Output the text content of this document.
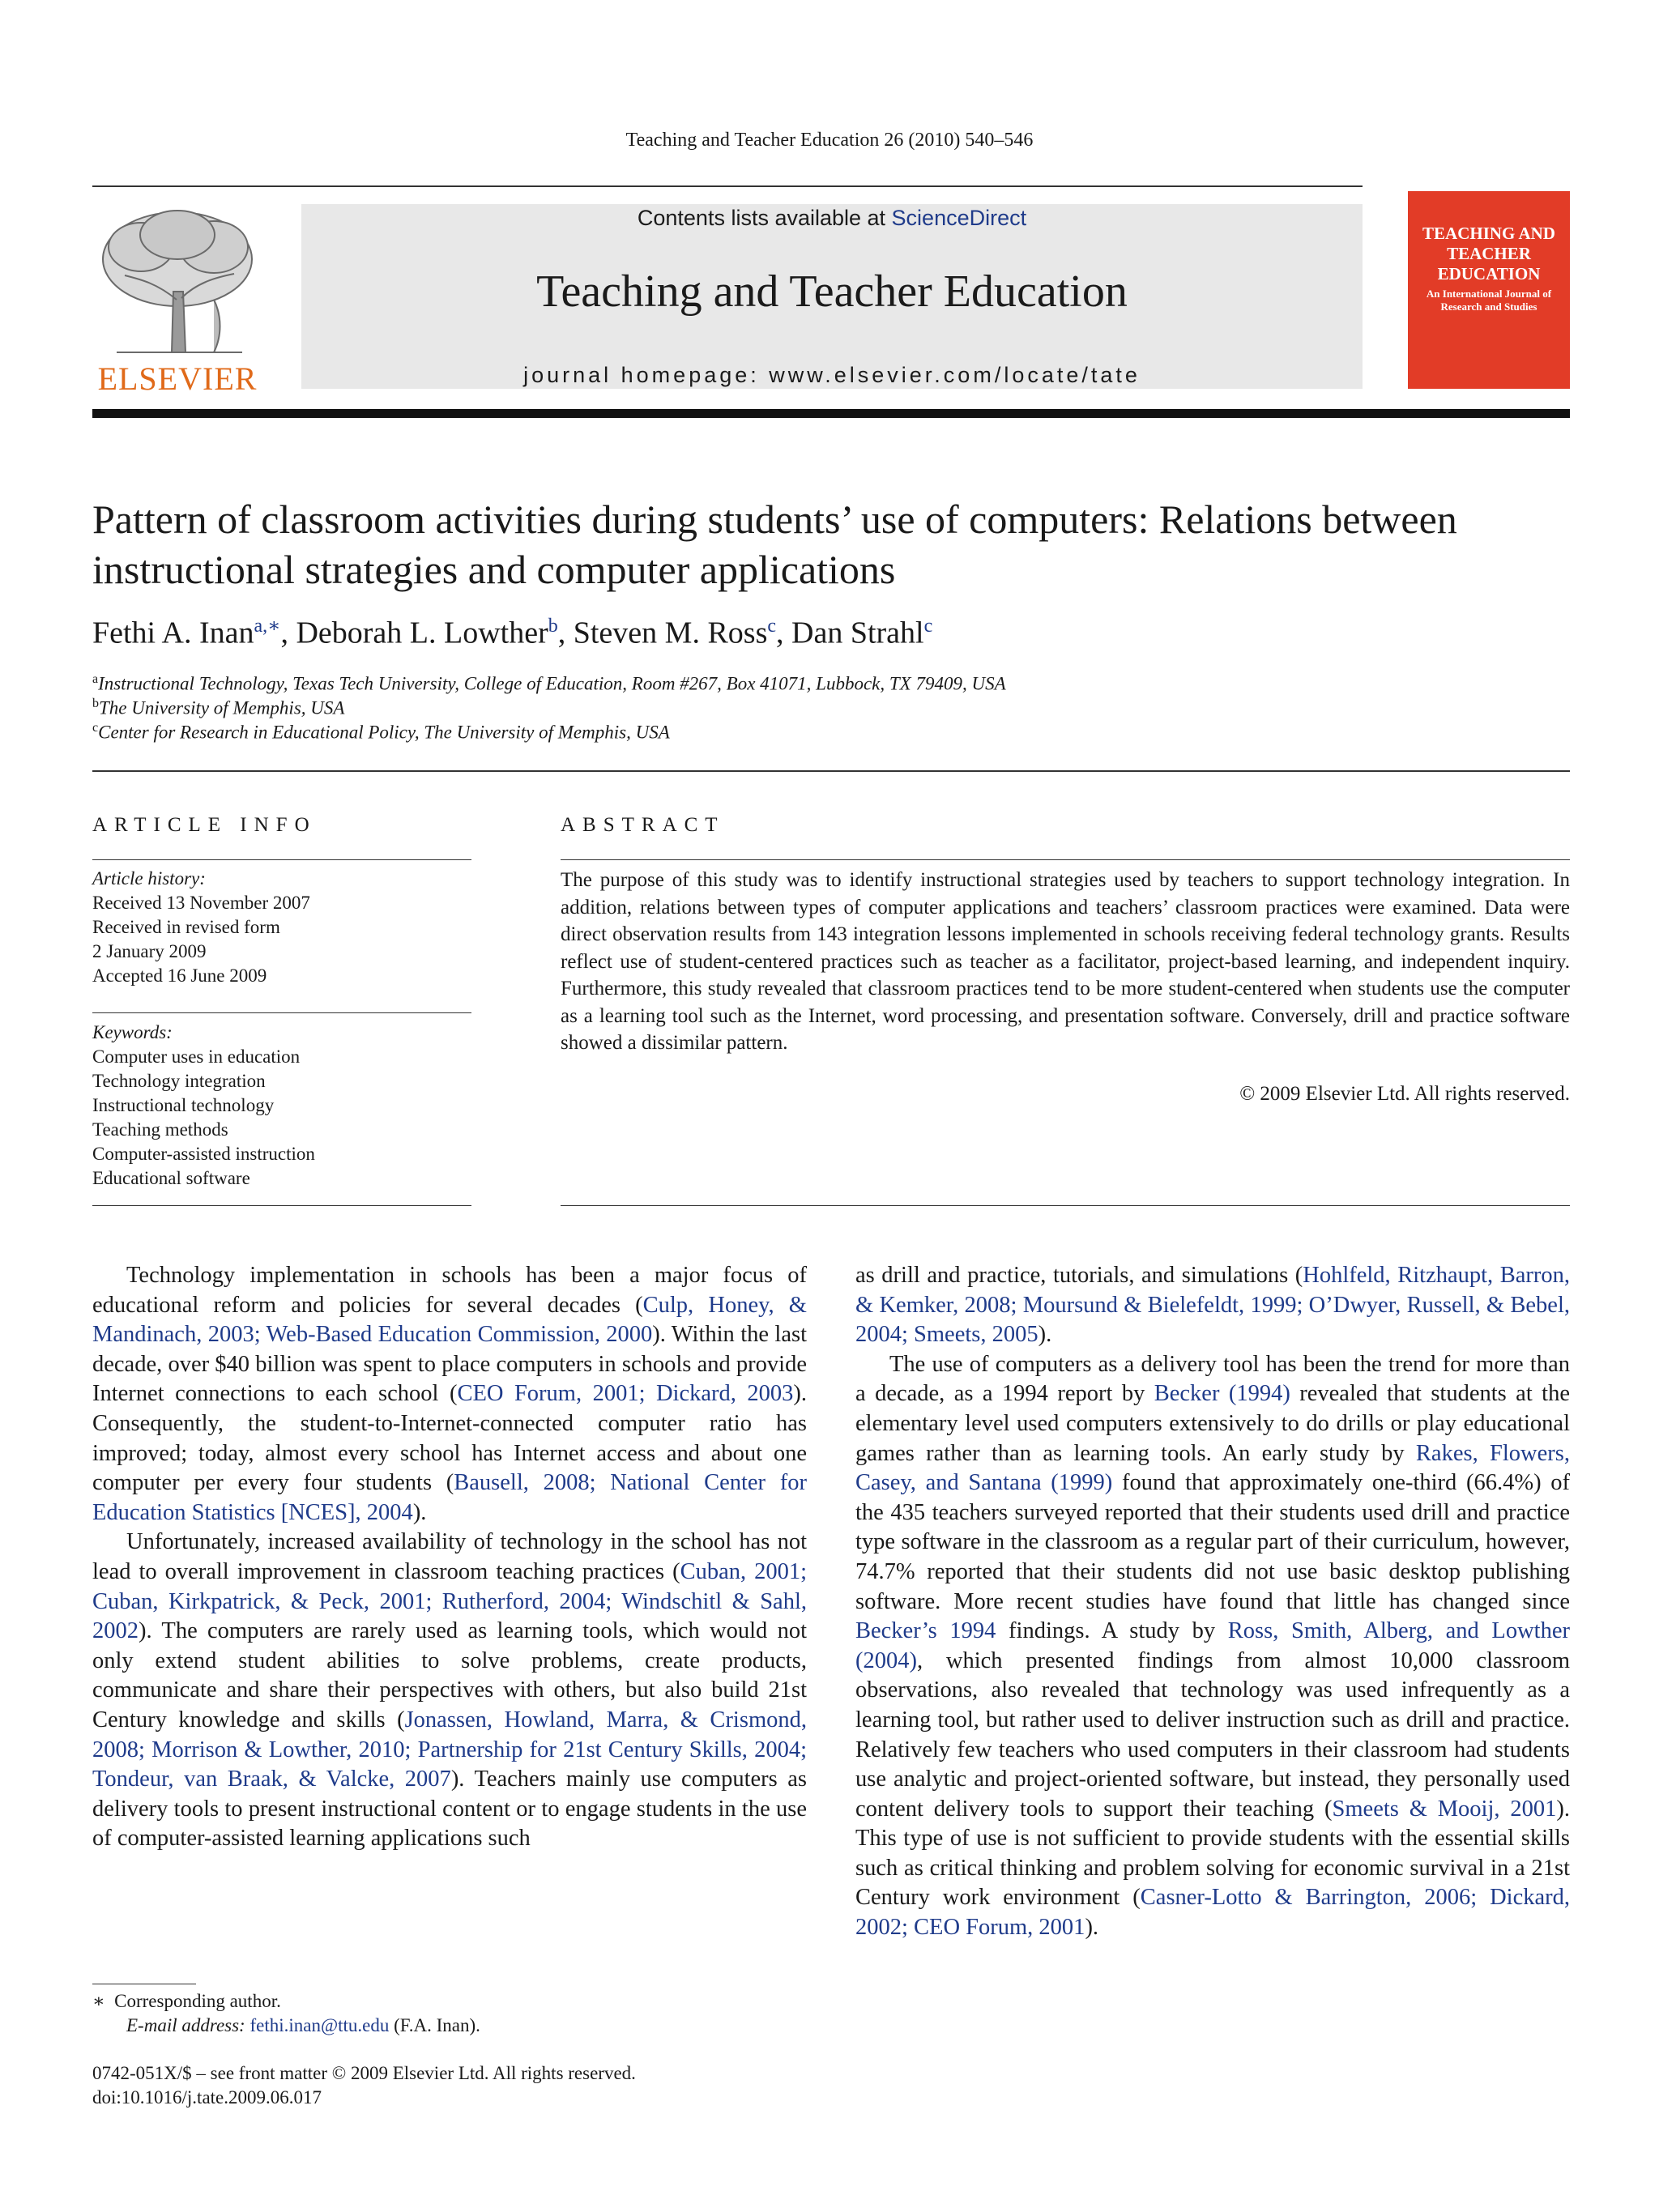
Teaching and Teacher Education 26 (2010) 540–546
ELSEVIER
Contents lists available at ScienceDirect
Teaching and Teacher Education
journal homepage: www.elsevier.com/locate/tate
TEACHING AND TEACHER EDUCATION
An International Journal of Research and Studies
Pattern of classroom activities during students’ use of computers: Relations between instructional strategies and computer applications
Fethi A. Inan$^{a,∗}$, Deborah L. Lowther$^b$, Steven M. Ross$^c$, Dan Strahl$^c$
$^a$Instructional Technology, Texas Tech University, College of Education, Room #267, Box 41071, Lubbock, TX 79409, USA
$^b$The University of Memphis, USA
$^c$Center for Research in Educational Policy, The University of Memphis, USA
ARTICLE INFO	ABSTRACT
Article history:
Received 13 November 2007
Received in revised form
2 January 2009
Accepted 16 June 2009
Keywords:
Computer uses in education
Technology integration
Instructional technology
Teaching methods
Computer-assisted instruction
Educational software
The purpose of this study was to identify instructional strategies used by teachers to support technology integration. In addition, relations between types of computer applications and teachers’ classroom practices were examined. Data were direct observation results from 143 integration lessons implemented in schools receiving federal technology grants. Results reflect use of student-centered practices such as teacher as a facilitator, project-based learning, and independent inquiry. Furthermore, this study revealed that classroom practices tend to be more student-centered when students use the computer as a learning tool such as the Internet, word processing, and presentation software. Conversely, drill and practice software showed a dissimilar pattern.
© 2009 Elsevier Ltd. All rights reserved.

Technology implementation in schools has been a major focus of educational reform and policies for several decades (Culp, Honey, & Mandinach, 2003; Web-Based Education Commission, 2000). Within the last decade, over $40 billion was spent to place computers in schools and provide Internet connections to each school (CEO Forum, 2001; Dickard, 2003). Consequently, the student-to-Internet-connected computer ratio has improved; today, almost every school has Internet access and about one computer per every four students (Bausell, 2008; National Center for Education Statistics [NCES], 2004).

Unfortunately, increased availability of technology in the school has not lead to overall improvement in classroom teaching practices (Cuban, 2001; Cuban, Kirkpatrick, & Peck, 2001; Rutherford, 2004; Windschitl & Sahl, 2002). The computers are rarely used as learning tools, which would not only extend student abilities to solve problems, create products, communicate and share their perspectives with others, but also build 21st Century knowledge and skills (Jonassen, Howland, Marra, & Crismond, 2008; Morrison & Lowther, 2010; Partnership for 21st Century Skills, 2004; Tondeur, van Braak, & Valcke, 2007). Teachers mainly use computers as delivery tools to present instructional content or to engage students in the use of computer-assisted learning applications such

as drill and practice, tutorials, and simulations (Hohlfeld, Ritzhaupt, Barron, & Kemker, 2008; Moursund & Bielefeldt, 1999; O’Dwyer, Russell, & Bebel, 2004; Smeets, 2005).

The use of computers as a delivery tool has been the trend for more than a decade, as a 1994 report by Becker (1994) revealed that students at the elementary level used computers extensively to do drills or play educational games rather than as learning tools. An early study by Rakes, Flowers, Casey, and Santana (1999) found that approximately one-third (66.4%) of the 435 teachers surveyed reported that their students used drill and practice type software in the classroom as a regular part of their curriculum, however, 74.7% reported that their students did not use basic desktop publishing software. More recent studies have found that little has changed since Becker’s 1994 findings. A study by Ross, Smith, Alberg, and Lowther (2004), which presented findings from almost 10,000 classroom observations, also revealed that technology was used infrequently as a learning tool, but rather used to deliver instruction such as drill and practice. Relatively few teachers who used computers in their classroom had students use analytic and project-oriented software, but instead, they personally used content delivery tools to support their teaching (Smeets & Mooij, 2001). This type of use is not sufficient to provide students with the essential skills such as critical thinking and problem solving for economic survival in a 21st Century work environment (Casner-Lotto & Barrington, 2006; Dickard, 2002; CEO Forum, 2001).

∗ Corresponding author.
E-mail address: fethi.inan@ttu.edu (F.A. Inan).
0742-051X/$ – see front matter © 2009 Elsevier Ltd. All rights reserved.
doi:10.1016/j.tate.2009.06.017
